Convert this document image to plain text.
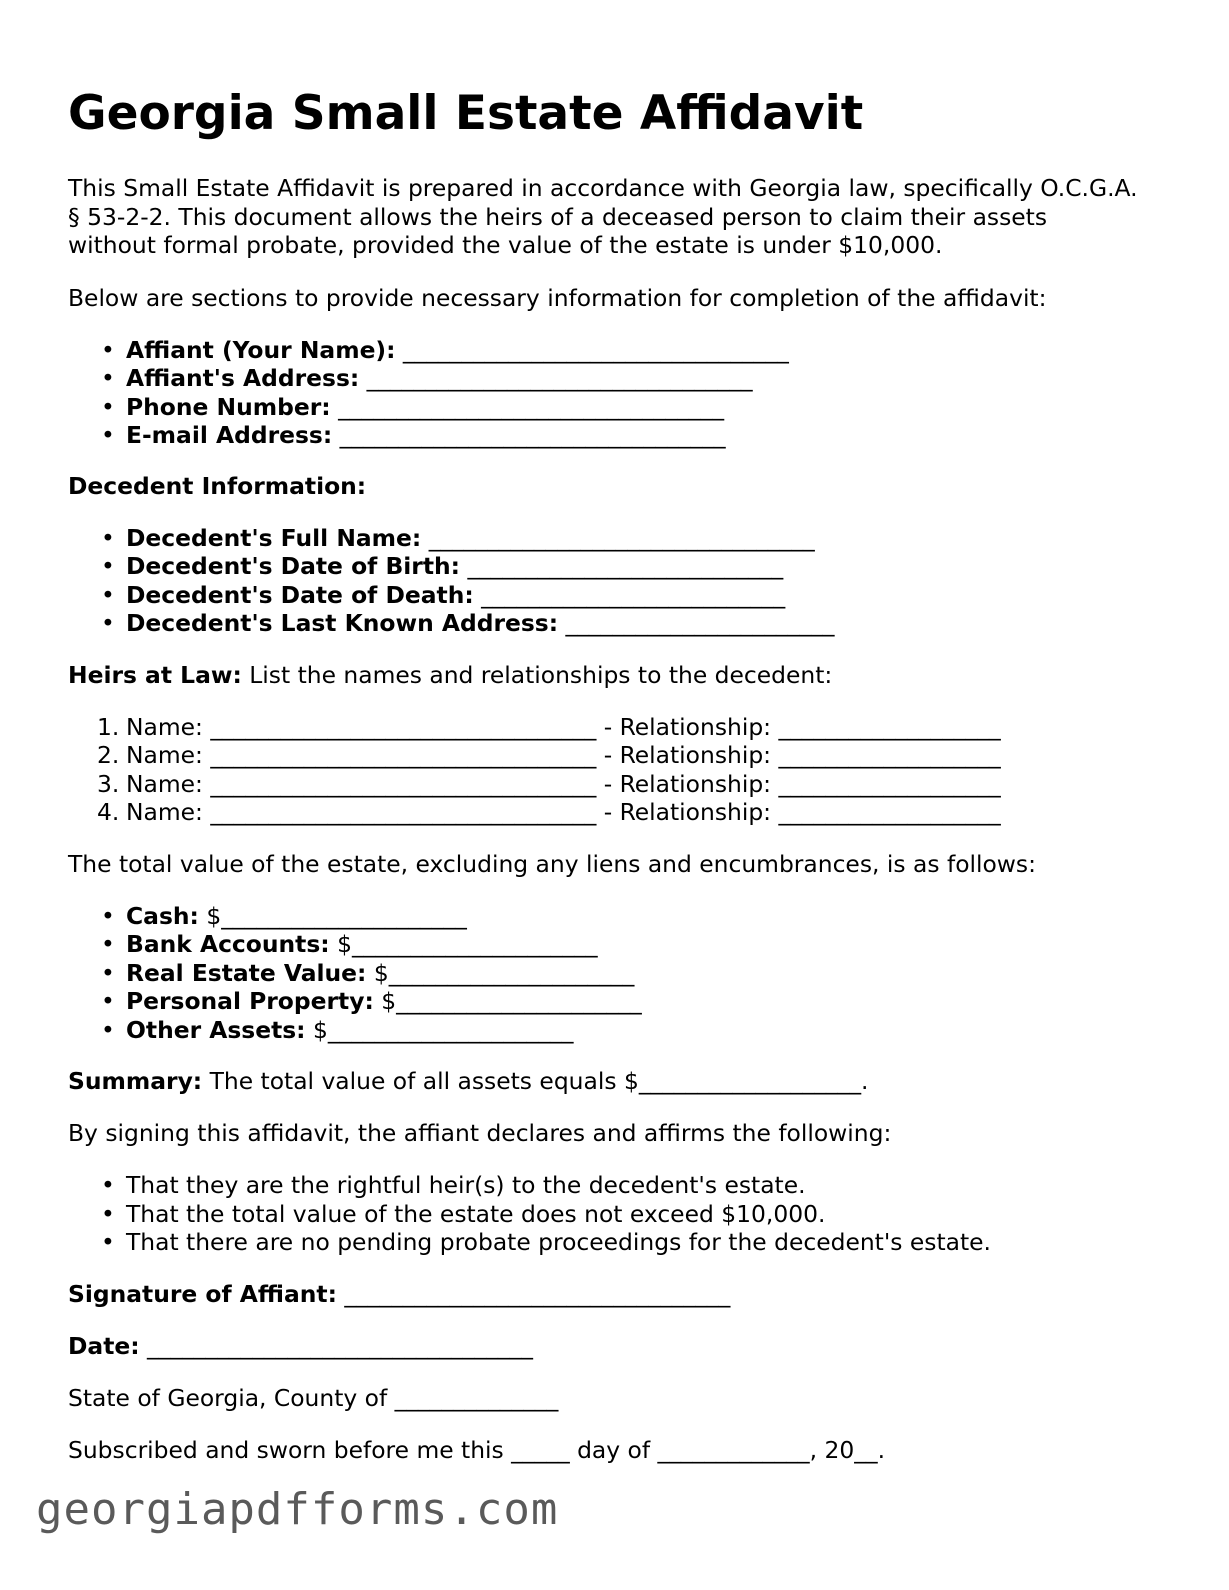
Georgia Small Estate Affidavit

This Small Estate Affidavit is prepared in accordance with Georgia law, specifically O.C.G.A.

§ 53-2-2. This document allows the heirs of a deceased person to claim their assets

without formal probate, provided the value of the estate is under $10,000.

Below are sections to provide necessary information for completion of the affidavit:

• Affiant (Your Name): _________________________________
• Affiant's Address: _________________________________
• Phone Number: _________________________________
• E-mail Address: _________________________________

Decedent Information:

• Decedent's Full Name: _________________________________
• Decedent's Date of Birth: ___________________________
• Decedent's Date of Death: __________________________
• Decedent's Last Known Address: _______________________

Heirs at Law: List the names and relationships to the decedent:

1. Name: _________________________________ - Relationship: ___________________
2. Name: _________________________________ - Relationship: ___________________
3. Name: _________________________________ - Relationship: ___________________
4. Name: _________________________________ - Relationship: ___________________

The total value of the estate, excluding any liens and encumbrances, is as follows:

• Cash: $_____________________
• Bank Accounts: $_____________________
• Real Estate Value: $_____________________
• Personal Property: $_____________________
• Other Assets: $_____________________

Summary: The total value of all assets equals $___________________.

By signing this affidavit, the affiant declares and affirms the following:

• That they are the rightful heir(s) to the decedent's estate.
• That the total value of the estate does not exceed $10,000.
• That there are no pending probate proceedings for the decedent's estate.

Signature of Affiant: _________________________________

Date: _________________________________

State of Georgia, County of ______________

Subscribed and sworn before me this _____ day of _____________, 20__.

georgiapdfforms.com
